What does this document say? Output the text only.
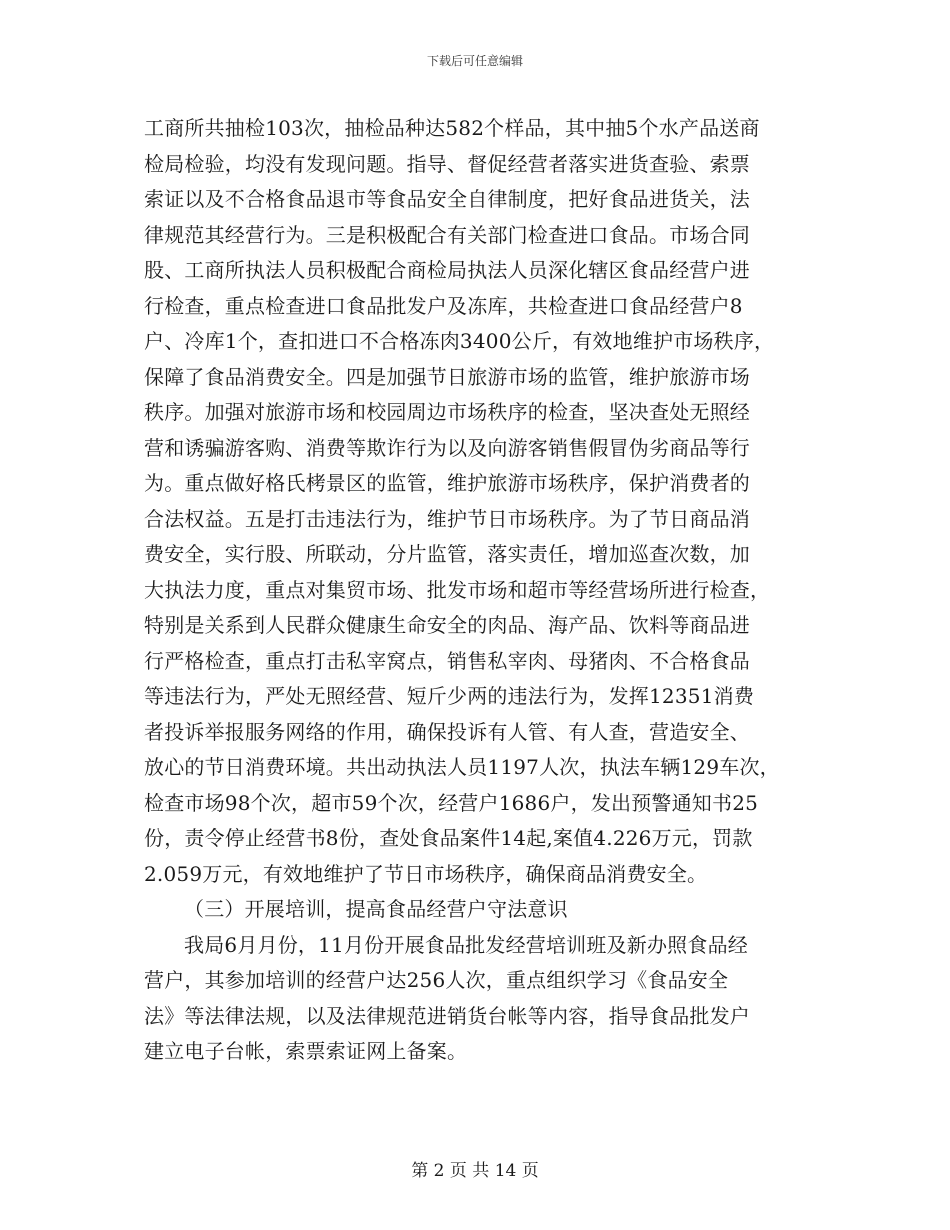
下载后可任意编辑
工商所共抽检103次，抽检品种达582个样品，其中抽5个水产品送商
检局检验，均没有发现问题。指导、督促经营者落实进货查验、索票
索证以及不合格食品退市等食品安全自律制度，把好食品进货关，法
律规范其经营行为。三是积极配合有关部门检查进口食品。市场合同
股、工商所执法人员积极配合商检局执法人员深化辖区食品经营户进
行检查，重点检查进口食品批发户及冻库，共检查进口食品经营户8
户、冷库1个，查扣进口不合格冻肉3400公斤，有效地维护市场秩序，
保障了食品消费安全。四是加强节日旅游市场的监管，维护旅游市场
秩序。加强对旅游市场和校园周边市场秩序的检查，坚决查处无照经
营和诱骗游客购、消费等欺诈行为以及向游客销售假冒伪劣商品等行
为。重点做好格氏栲景区的监管，维护旅游市场秩序，保护消费者的
合法权益。五是打击违法行为，维护节日市场秩序。为了节日商品消
费安全，实行股、所联动，分片监管，落实责任，增加巡查次数，加
大执法力度，重点对集贸市场、批发市场和超市等经营场所进行检查，
特别是关系到人民群众健康生命安全的肉品、海产品、饮料等商品进
行严格检查，重点打击私宰窝点，销售私宰肉、母猪肉、不合格食品
等违法行为，严处无照经营、短斤少两的违法行为，发挥12351消费
者投诉举报服务网络的作用，确保投诉有人管、有人查，营造安全、
放心的节日消费环境。共出动执法人员1197人次，执法车辆129车次，
检查市场98个次，超市59个次，经营户1686户，发出预警通知书25
份，责令停止经营书8份，查处食品案件14起,案值4.226万元，罚款
2.059万元，有效地维护了节日市场秩序，确保商品消费安全。
（三）开展培训，提高食品经营户守法意识
我局6月月份，11月份开展食品批发经营培训班及新办照食品经
营户，其参加培训的经营户达256人次，重点组织学习《食品安全
法》等法律法规，以及法律规范进销货台帐等内容，指导食品批发户
建立电子台帐，索票索证网上备案。
第 2 页 共 14 页
